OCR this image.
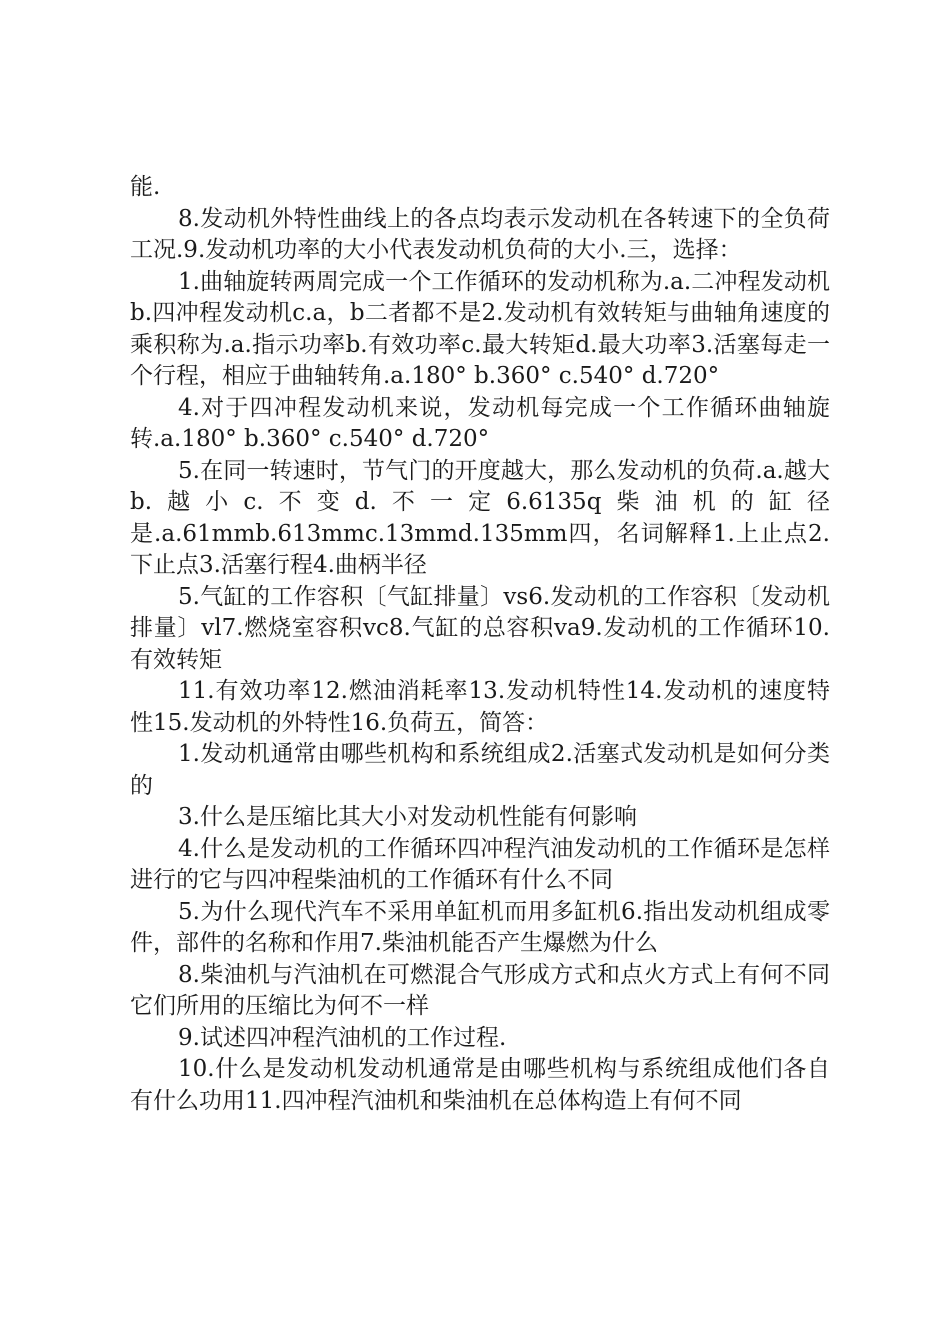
能.

8.发动机外特性曲线上的各点均表示发动机在各转速下的全负荷工况.9.发动机功率的大小代表发动机负荷的大小.三，选择：

1.曲轴旋转两周完成一个工作循环的发动机称为.a.二冲程发动机b.四冲程发动机c.a，b二者都不是2.发动机有效转矩与曲轴角速度的乘积称为.a.指示功率b.有效功率c.最大转矩d.最大功率3.活塞每走一个行程，相应于曲轴转角.a.180° b.360° c.540° d.720°

4.对于四冲程发动机来说，发动机每完成一个工作循环曲轴旋转.a.180° b.360° c.540° d.720°

5.在同一转速时，节气门的开度越大，那么发动机的负荷.a.越大b.越小c.不变d.不一定6.6135q柴油机的缸径是.a.61mmb.613mmc.13mmd.135mm四，名词解释1.上止点2.下止点3.活塞行程4.曲柄半径

5.气缸的工作容积〔气缸排量〕vs6.发动机的工作容积〔发动机排量〕vl7.燃烧室容积vc8.气缸的总容积va9.发动机的工作循环10.有效转矩

11.有效功率12.燃油消耗率13.发动机特性14.发动机的速度特性15.发动机的外特性16.负荷五，简答：

1.发动机通常由哪些机构和系统组成2.活塞式发动机是如何分类的

3.什么是压缩比其大小对发动机性能有何影响

4.什么是发动机的工作循环四冲程汽油发动机的工作循环是怎样进行的它与四冲程柴油机的工作循环有什么不同

5.为什么现代汽车不采用单缸机而用多缸机6.指出发动机组成零件，部件的名称和作用7.柴油机能否产生爆燃为什么

8.柴油机与汽油机在可燃混合气形成方式和点火方式上有何不同它们所用的压缩比为何不一样

9.试述四冲程汽油机的工作过程.

10.什么是发动机发动机通常是由哪些机构与系统组成他们各自有什么功用11.四冲程汽油机和柴油机在总体构造上有何不同
